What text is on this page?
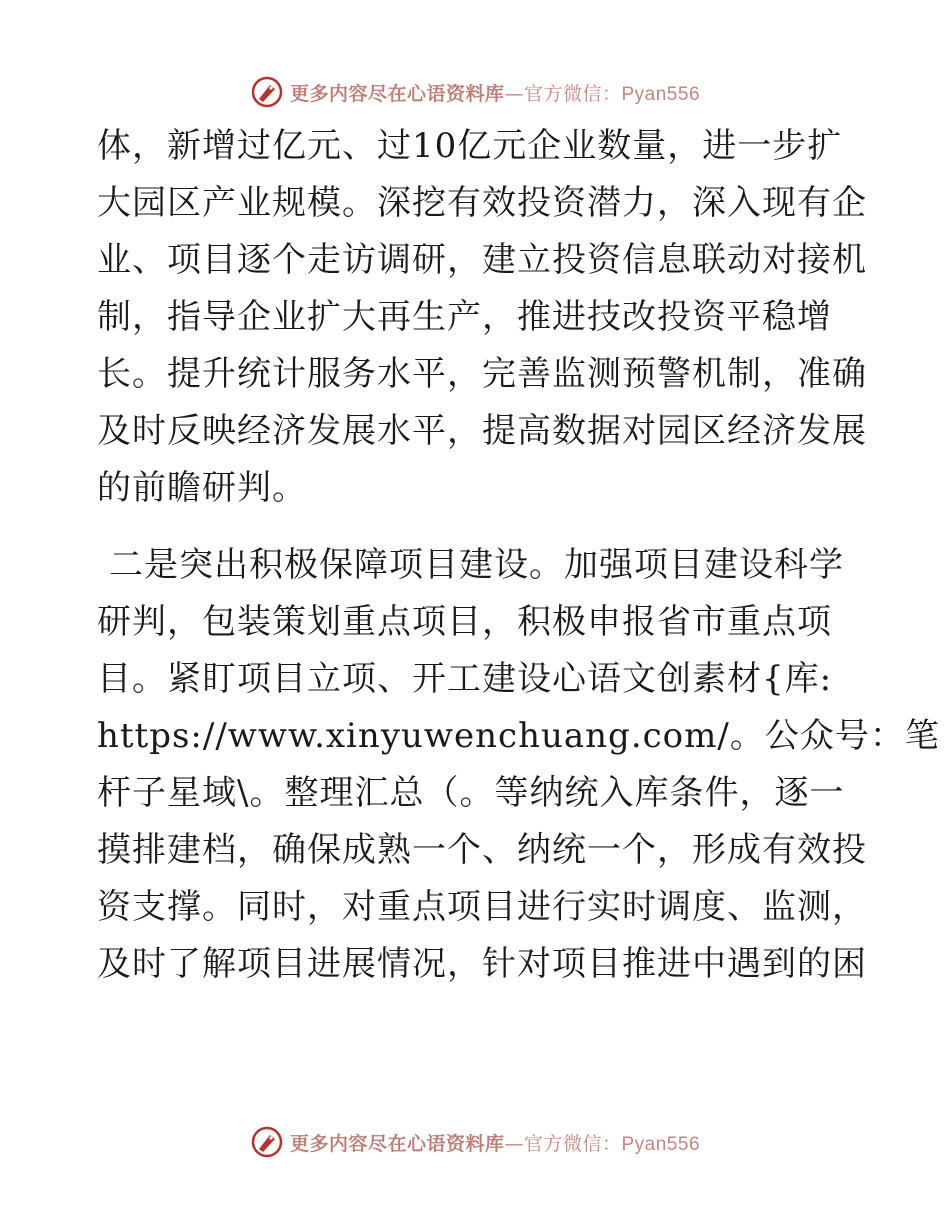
更多内容尽在心语资料库—官方微信：Pyan556
体，新增过亿元、过10亿元企业数量，进一步扩
大园区产业规模。深挖有效投资潜力，深入现有企
业、项目逐个走访调研，建立投资信息联动对接机
制，指导企业扩大再生产，推进技改投资平稳增
长。提升统计服务水平，完善监测预警机制，准确
及时反映经济发展水平，提高数据对园区经济发展
的前瞻研判。
二是突出积极保障项目建设。加强项目建设科学
研判，包装策划重点项目，积极申报省市重点项
目。紧盯项目立项、开工建设心语文创素材{库:
https://www.xinyuwenchuang.com/。公众号：笔
杆子星域\。整理汇总（。等纳统入库条件，逐一
摸排建档，确保成熟一个、纳统一个，形成有效投
资支撑。同时，对重点项目进行实时调度、监测，
及时了解项目进展情况，针对项目推进中遇到的困
更多内容尽在心语资料库—官方微信：Pyan556
